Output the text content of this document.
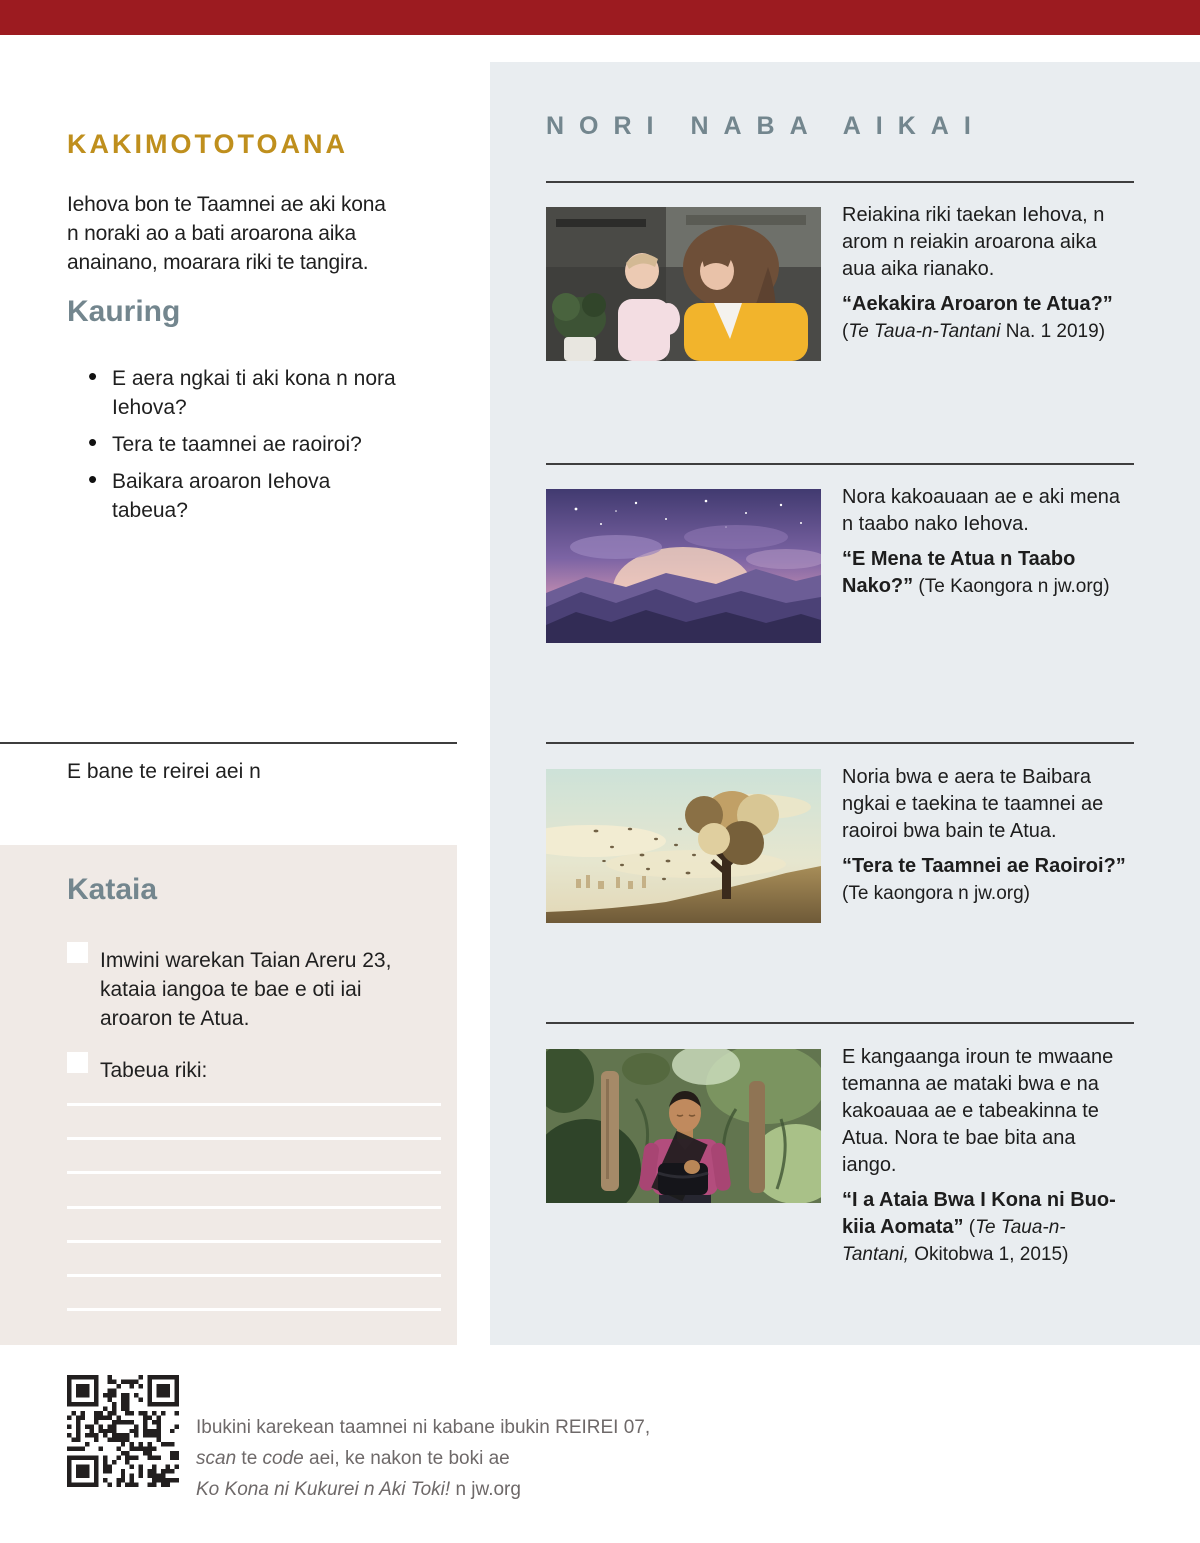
KAKIMOTOTOANA

Iehova bon te Taamnei ae aki kona n noraki ao a bati aroarona aika anainano, moarara riki te tangira.

Kauring
• E aera ngkai ti aki kona n nora Iehova?
• Tera te taamnei ae raoiroi?
• Baikara aroaron Iehova tabeua?

E bane te reirei aei n

Kataia

Imwini warekan Taian Areru 23, kataia iangoa te bae e oti iai aroaron te Atua.

Tabeua riki:

NORI NABA AIKAI

Reiakina riki taekan Iehova, n arom n reiakin aroarona aika aua aika rianako.

“Aekakira Aroaron te Atua?” (Te Taua-n-Tantani Na. 1 2019)

Nora kakoauaan ae e aki mena n taabo nako Iehova.

“E Mena te Atua n Taabo Nako?” (Te Kaongora n jw.org)

Noria bwa e aera te Baibara ngkai e taekina te taamnei ae raoiroi bwa bain te Atua.

“Tera te Taamnei ae Raoiroi?” (Te kaongora n jw.org)

E kangaanga iroun te mwaane temanna ae mataki bwa e na kakoauaa ae e tabeakinna te Atua. Nora te bae bita ana iango.

“I a Ataia Bwa I Kona ni Buo-kiia Aomata” (Te Taua-n-Tantani, Okitobwa 1, 2015)

Ibukini karekean taamnei ni kabane ibukin REIREI 07,
scan te code aei, ke nakon te boki ae
Ko Kona ni Kukurei n Aki Toki! n jw.org
